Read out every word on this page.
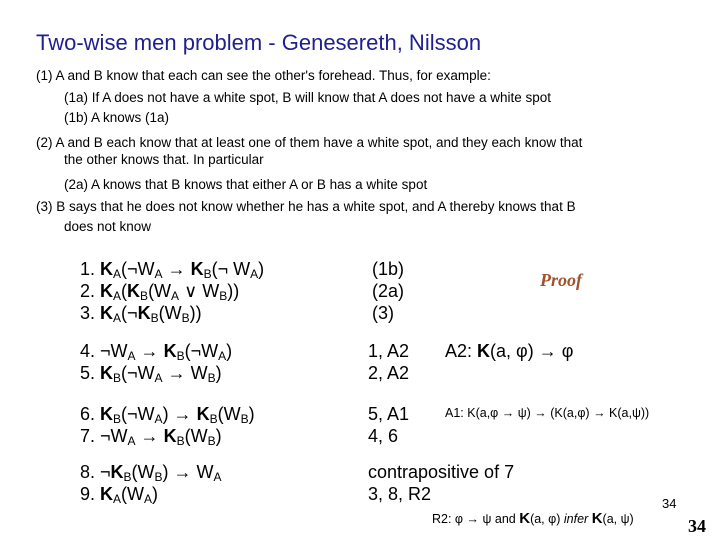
Two-wise men problem - Genesereth, Nilsson
(1) A and B know that each can see the other's forehead. Thus, for example:
(1a) If A does not have a white spot, B will know that A does not have a white spot
(1b) A knows (1a)
(2) A and B each know that at least one of them have a white spot, and they each know that
the other knows that. In particular
(2a) A knows that B knows that either A or B has a white spot
(3) B says that he does not know whether he has a white spot, and A thereby knows that B
does not know
Proof
1. $K_A(\neg W_A$ → $K_B(\neg$ $W_A$)	(1b)
2. $K_A(K_B(W_A$ ∨ $W_B$))	(2a)
3. $K_A(\neg K_B(W_B))$	(3)
4. $\neg W_A$ → $K_B(\neg W_A)$	1, A2
5. $K_B(\neg W_A \to W_B)$	2, A2
A2: K(a, φ) → φ
6. $K_B(\neg W_A) \to K_B(W_B)$	5, A1	A1: K(a,φ → ψ) → (K(a,φ) → K(a,ψ))
7. $\neg W_A \to K_B(W_B)$	4, 6
8. $\neg K_B(W_B) \to W_A$	contrapositive of 7
9. $K_A(W_A)$	3, 8, R2
R2: φ → ψ and K(a, φ) infer K(a, ψ)
34
34
